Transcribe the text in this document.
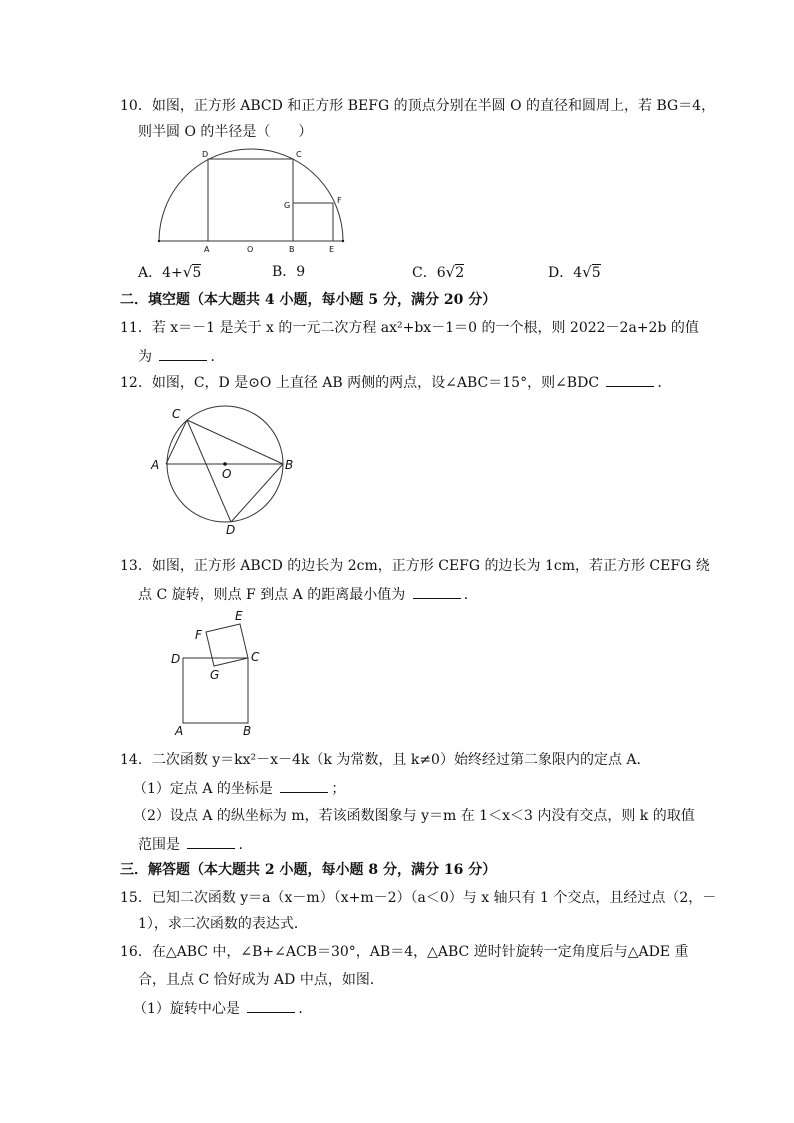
10．如图，正方形 ABCD 和正方形 BEFG 的顶点分别在半圆 O 的直径和圆周上，若 BG＝4，
则半圆 O 的半径是（　　）
D	C
F
G
A	O	B	E
A．4+√5	B．9	C．6√2	D．4√5
二．填空题（本大题共 4 小题，每小题 5 分，满分 20 分）
11．若 x＝－1 是关于 x 的一元二次方程 ax²+bx－1＝0 的一个根，则 2022－2a+2b 的值
为	．
12．如图，C，D 是⊙O 上直径 AB 两侧的两点，设∠ABC＝15°，则∠BDC	．
C
A
O
B
D
13．如图，正方形 ABCD 的边长为 2cm，正方形 CEFG 的边长为 1cm，若正方形 CEFG 绕
点 C 旋转，则点 F 到点 A 的距离最小值为	．
E
F
D	C
G
A	B
14．二次函数 y＝kx²－x－4k（k 为常数，且 k≠0）始终经过第二象限内的定点 A．
（1）定点 A 的坐标是	；
（2）设点 A 的纵坐标为 m，若该函数图象与 y＝m 在 1＜x＜3 内没有交点，则 k 的取值
范围是	．
三．解答题（本大题共 2 小题，每小题 8 分，满分 16 分）
15．已知二次函数 y＝a（x－m）（x+m－2）（a＜0）与 x 轴只有 1 个交点，且经过点（2，－
1），求二次函数的表达式．
16．在△ABC 中，∠B+∠ACB＝30°，AB＝4，△ABC 逆时针旋转一定角度后与△ADE 重
合，且点 C 恰好成为 AD 中点，如图．
（1）旋转中心是	．
